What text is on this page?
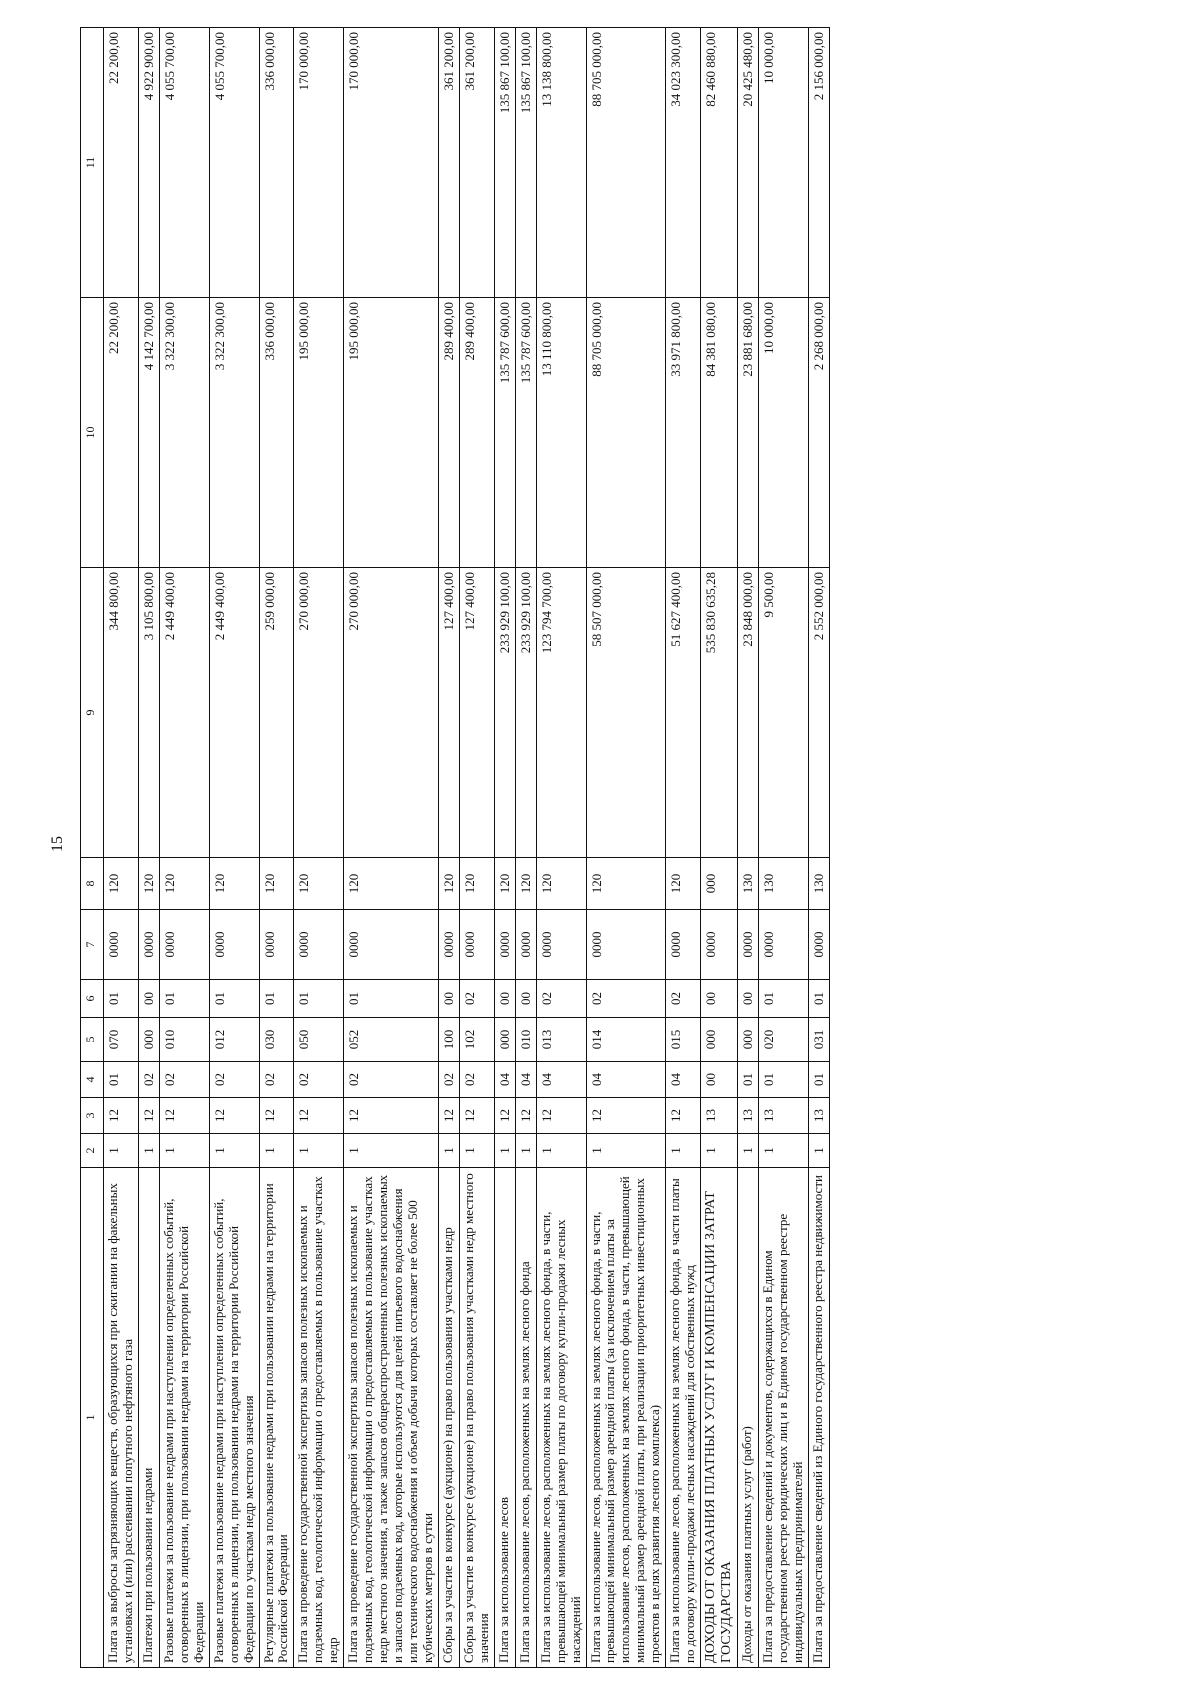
15
1	2	3	4	5	6	7	8	9	10	11
Плата за выбросы загрязняющих веществ, образующихся при сжигании на факельных установках и (или) рассеивании попутного нефтяного газа	1	12	01	070	01	0000	120	344 800,00	22 200,00	22 200,00
Платежи при пользовании недрами	1	12	02	000	00	0000	120	3 105 800,00	4 142 700,00	4 922 900,00
Разовые платежи за пользование недрами при наступлении определенных событий, оговоренных в лицензии, при пользовании недрами на территории Российской Федерации	1	12	02	010	01	0000	120	2 449 400,00	3 322 300,00	4 055 700,00
Разовые платежи за пользование недрами при наступлении определенных событий, оговоренных в лицензии, при пользовании недрами на территории Российской Федерации по участкам недр местного значения	1	12	02	012	01	0000	120	2 449 400,00	3 322 300,00	4 055 700,00
Регулярные платежи за пользование недрами при пользовании недрами на территории Российской Федерации	1	12	02	030	01	0000	120	259 000,00	336 000,00	336 000,00
Плата за проведение государственной экспертизы запасов полезных ископаемых и подземных вод, геологической информации о предоставляемых в пользование участках недр	1	12	02	050	01	0000	120	270 000,00	195 000,00	170 000,00
Плата за проведение государственной экспертизы запасов полезных ископаемых и подземных вод, геологической информации о предоставляемых в пользование участках недр местного значения, а также запасов общераспространенных полезных ископаемых и запасов подземных вод, которые используются для целей питьевого водоснабжения или технического водоснабжения и объем добычи которых составляет не более 500 кубических метров в сутки	1	12	02	052	01	0000	120	270 000,00	195 000,00	170 000,00
Сборы за участие в конкурсе (аукционе) на право пользования участками недр	1	12	02	100	00	0000	120	127 400,00	289 400,00	361 200,00
Сборы за участие в конкурсе (аукционе) на право пользования участками недр местного значения	1	12	02	102	02	0000	120	127 400,00	289 400,00	361 200,00
Плата за использование лесов	1	12	04	000	00	0000	120	233 929 100,00	135 787 600,00	135 867 100,00
Плата за использование лесов, расположенных на землях лесного фонда	1	12	04	010	00	0000	120	233 929 100,00	135 787 600,00	135 867 100,00
Плата за использование лесов, расположенных на землях лесного фонда, в части, превышающей минимальный размер платы по договору купли-продажи лесных насаждений	1	12	04	013	02	0000	120	123 794 700,00	13 110 800,00	13 138 800,00
Плата за использование лесов, расположенных на землях лесного фонда, в части, превышающей минимальный размер арендной платы (за исключением платы за использование лесов, расположенных на землях лесного фонда, в части, превышающей минимальный размер арендной платы, при реализации приоритетных инвестиционных проектов в целях развития лесного комплекса)	1	12	04	014	02	0000	120	58 507 000,00	88 705 000,00	88 705 000,00
Плата за использование лесов, расположенных на землях лесного фонда, в части платы по договору купли-продажи лесных насаждений для собственных нужд	1	12	04	015	02	0000	120	51 627 400,00	33 971 800,00	34 023 300,00
ДОХОДЫ ОТ ОКАЗАНИЯ ПЛАТНЫХ УСЛУГ И КОМПЕНСАЦИИ ЗАТРАТ ГОСУДАРСТВА	1	13	00	000	00	0000	000	535 830 635,28	84 381 080,00	82 460 880,00
Доходы от оказания платных услуг (работ)	1	13	01	000	00	0000	130	23 848 000,00	23 881 680,00	20 425 480,00
Плата за предоставление сведений и документов, содержащихся в Едином государственном реестре юридических лиц и в Едином государственном реестре индивидуальных предпринимателей	1	13	01	020	01	0000	130	9 500,00	10 000,00	10 000,00
Плата за предоставление сведений из Единого государственного реестра недвижимости	1	13	01	031	01	0000	130	2 552 000,00	2 268 000,00	2 156 000,00
